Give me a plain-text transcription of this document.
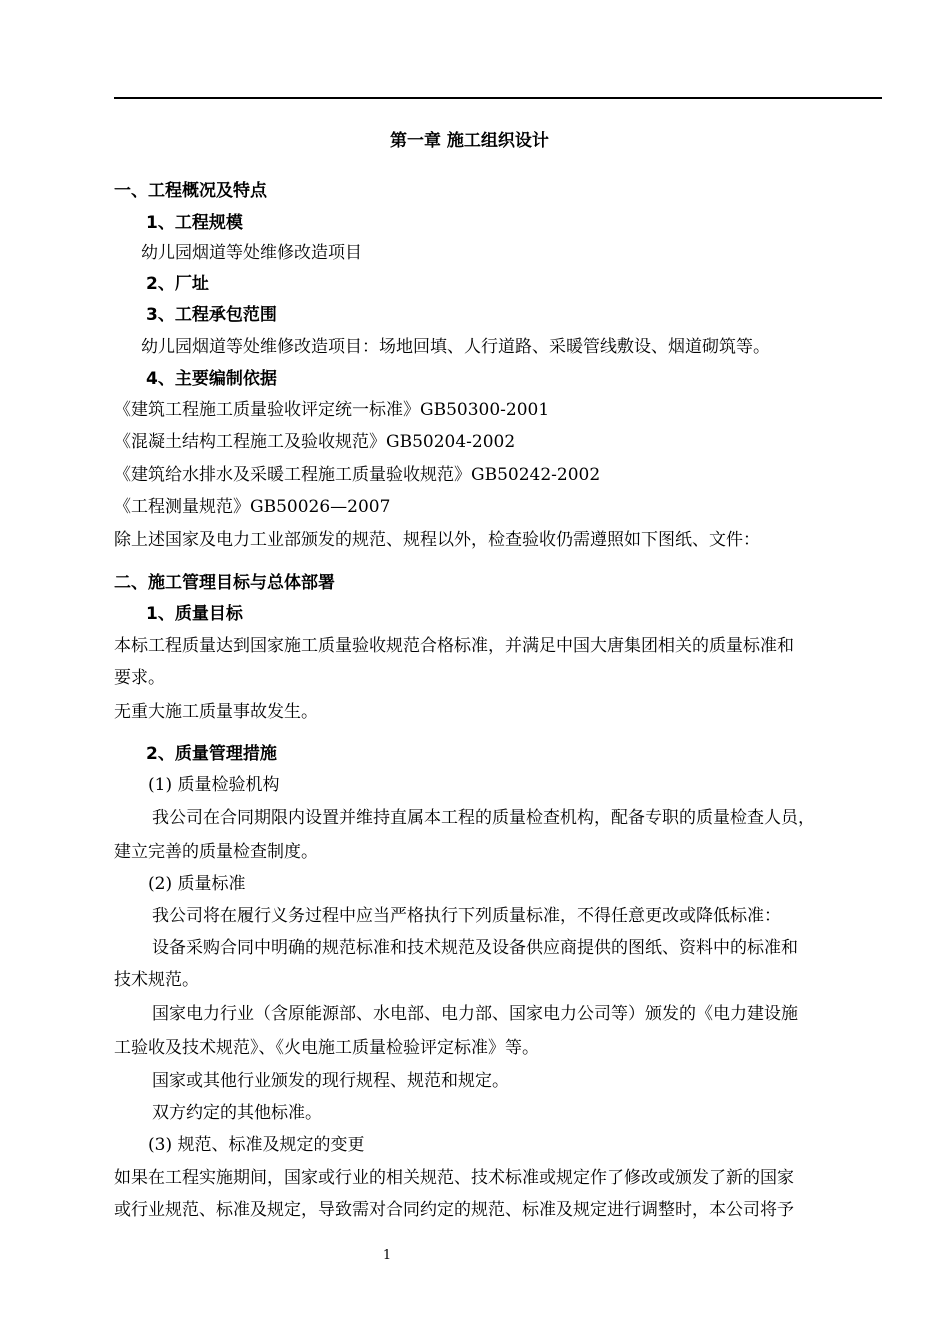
第一章 施工组织设计
一、工程概况及特点
1、工程规模
幼儿园烟道等处维修改造项目
2、厂址
3、工程承包范围
幼儿园烟道等处维修改造项目：场地回填、人行道路、采暖管线敷设、烟道砌筑等。
4、主要编制依据
《建筑工程施工质量验收评定统一标准》GB50300-2001
《混凝土结构工程施工及验收规范》GB50204-2002
《建筑给水排水及采暖工程施工质量验收规范》GB50242-2002
《工程测量规范》GB50026—2007
除上述国家及电力工业部颁发的规范、规程以外，检查验收仍需遵照如下图纸、文件：
二、施工管理目标与总体部署
1、质量目标
本标工程质量达到国家施工质量验收规范合格标准，并满足中国大唐集团相关的质量标准和
要求。
无重大施工质量事故发生。
2、质量管理措施
(1) 质量检验机构
我公司在合同期限内设置并维持直属本工程的质量检查机构，配备专职的质量检查人员，
建立完善的质量检查制度。
(2) 质量标准
我公司将在履行义务过程中应当严格执行下列质量标准，不得任意更改或降低标准：
设备采购合同中明确的规范标准和技术规范及设备供应商提供的图纸、资料中的标准和
技术规范。
国家电力行业（含原能源部、水电部、电力部、国家电力公司等）颁发的《电力建设施
工验收及技术规范》、《火电施工质量检验评定标准》等。
国家或其他行业颁发的现行规程、规范和规定。
双方约定的其他标准。
(3) 规范、标准及规定的变更
如果在工程实施期间，国家或行业的相关规范、技术标准或规定作了修改或颁发了新的国家
或行业规范、标准及规定，导致需对合同约定的规范、标准及规定进行调整时，本公司将予
1
